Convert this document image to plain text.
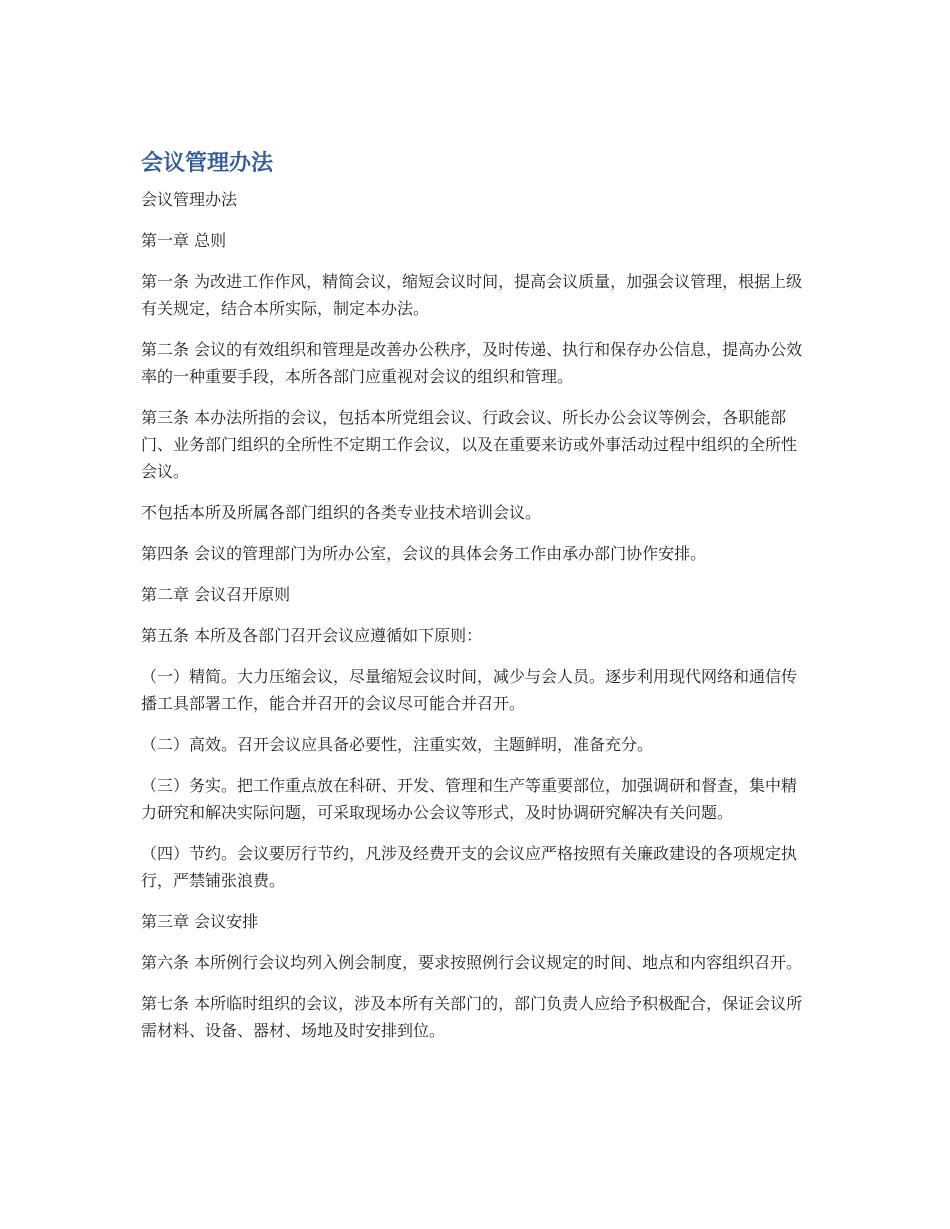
会议管理办法

会议管理办法

第一章 总则

第一条 为改进工作作风，精简会议，缩短会议时间，提高会议质量，加强会议管理，根据上级有关规定，结合本所实际，制定本办法。

第二条 会议的有效组织和管理是改善办公秩序，及时传递、执行和保存办公信息，提高办公效率的一种重要手段，本所各部门应重视对会议的组织和管理。

第三条 本办法所指的会议，包括本所党组会议、行政会议、所长办公会议等例会，各职能部门、业务部门组织的全所性不定期工作会议，以及在重要来访或外事活动过程中组织的全所性会议。

不包括本所及所属各部门组织的各类专业技术培训会议。

第四条 会议的管理部门为所办公室，会议的具体会务工作由承办部门协作安排。

第二章 会议召开原则

第五条 本所及各部门召开会议应遵循如下原则：

（一）精简。大力压缩会议，尽量缩短会议时间，减少与会人员。逐步利用现代网络和通信传播工具部署工作，能合并召开的会议尽可能合并召开。

（二）高效。召开会议应具备必要性，注重实效，主题鲜明，准备充分。

（三）务实。把工作重点放在科研、开发、管理和生产等重要部位，加强调研和督查，集中精力研究和解决实际问题，可采取现场办公会议等形式，及时协调研究解决有关问题。

（四）节约。会议要厉行节约，凡涉及经费开支的会议应严格按照有关廉政建设的各项规定执行，严禁铺张浪费。

第三章 会议安排

第六条 本所例行会议均列入例会制度，要求按照例行会议规定的时间、地点和内容组织召开。

第七条 本所临时组织的会议，涉及本所有关部门的，部门负责人应给予积极配合，保证会议所需材料、设备、器材、场地及时安排到位。
